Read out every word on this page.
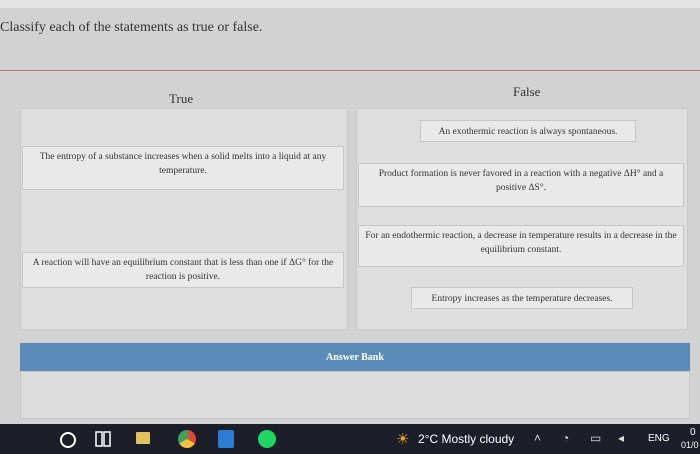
Classify each of the statements as true or false.
True	False
The entropy of a substance increases when a solid melts into a liquid at any temperature.
A reaction will have an equilibrium constant that is less than one if ΔG° for the reaction is positive.
An exothermic reaction is always spontaneous.
Product formation is never favored in a reaction with a negative ΔH° and a positive ΔS°.
For an endothermic reaction, a decrease in temperature results in a decrease in the equilibrium constant.
Entropy increases as the temperature decreases.
Answer Bank
☀ 2°C Mostly cloudy ˄ ◔ ▭ ◂ ENG
0
01/0
